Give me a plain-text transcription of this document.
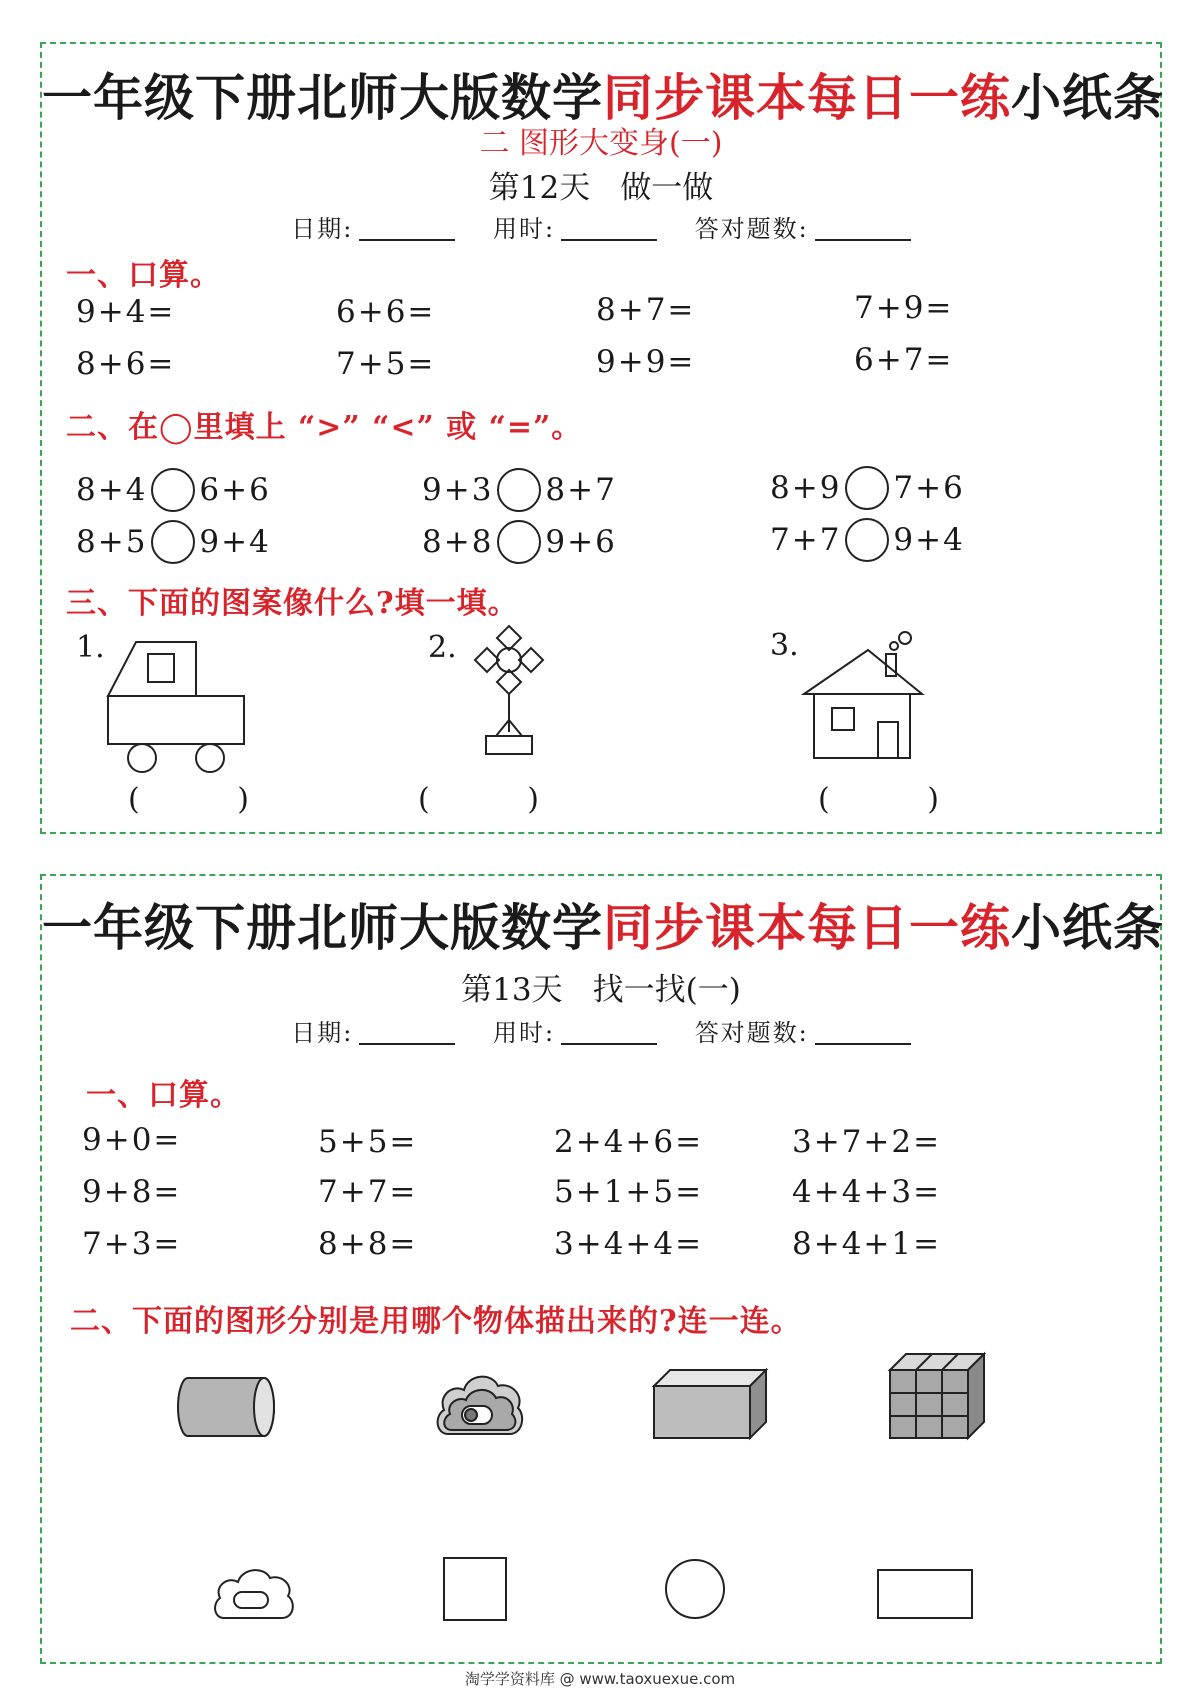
一年级下册北师大版数学同步课本每日一练小纸条
二 图形大变身(一)
第12天 做一做
日期:	用时:	答对题数:
一、口算。
9+4=	6+6=	8+7=	7+9=
8+6=	7+5=	9+9=	6+7=
二、在◯里填上 “>” “<” 或 “=”。
8+4 6+6	9+3 8+7	8+9 7+6
8+5 9+4	8+8 9+6	7+7 9+4
三、下面的图案像什么?填一填。
1.
( )
2.
( )
3.
( )
一年级下册北师大版数学同步课本每日一练小纸条
第13天 找一找(一)
日期:	用时:	答对题数:
一、口算。
9+0=	5+5=	2+4+6=	3+7+2=
9+8=	7+7=	5+1+5=	4+4+3=
7+3=	8+8=	3+4+4=	8+4+1=
二、下面的图形分别是用哪个物体描出来的?连一连。
淘学学资料库 @ www.taoxuexue.com
